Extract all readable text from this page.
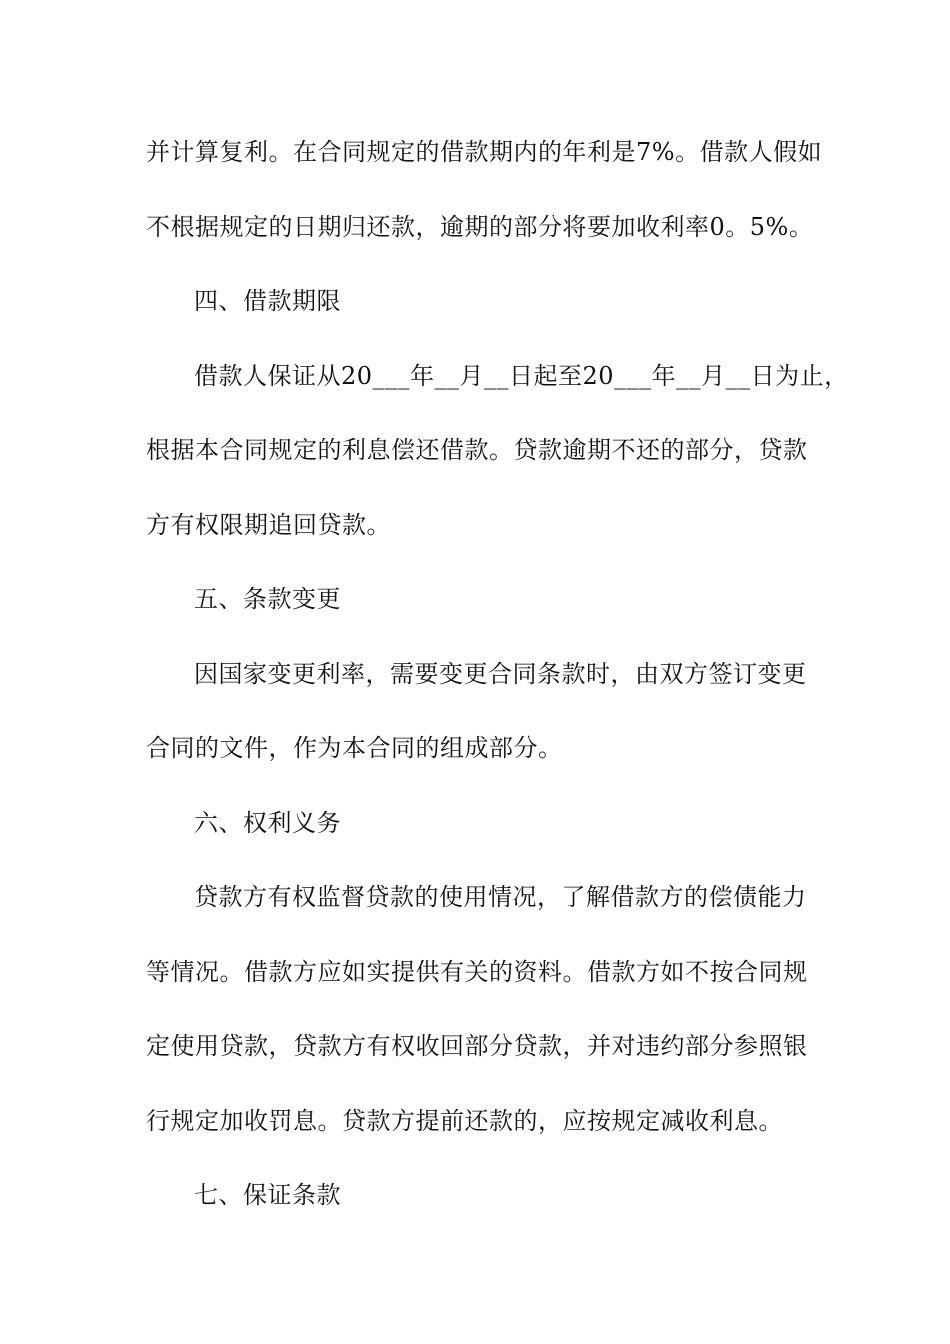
并计算复利。在合同规定的借款期内的年利是7%。借款人假如
不根据规定的日期归还款，逾期的部分将要加收利率0。5%。
四、借款期限
借款人保证从20___年__月__日起至20___年__月__日为止，
根据本合同规定的利息偿还借款。贷款逾期不还的部分，贷款
方有权限期追回贷款。
五、条款变更
因国家变更利率，需要变更合同条款时，由双方签订变更
合同的文件，作为本合同的组成部分。
六、权利义务
贷款方有权监督贷款的使用情况，了解借款方的偿债能力
等情况。借款方应如实提供有关的资料。借款方如不按合同规
定使用贷款，贷款方有权收回部分贷款，并对违约部分参照银
行规定加收罚息。贷款方提前还款的，应按规定减收利息。
七、保证条款
